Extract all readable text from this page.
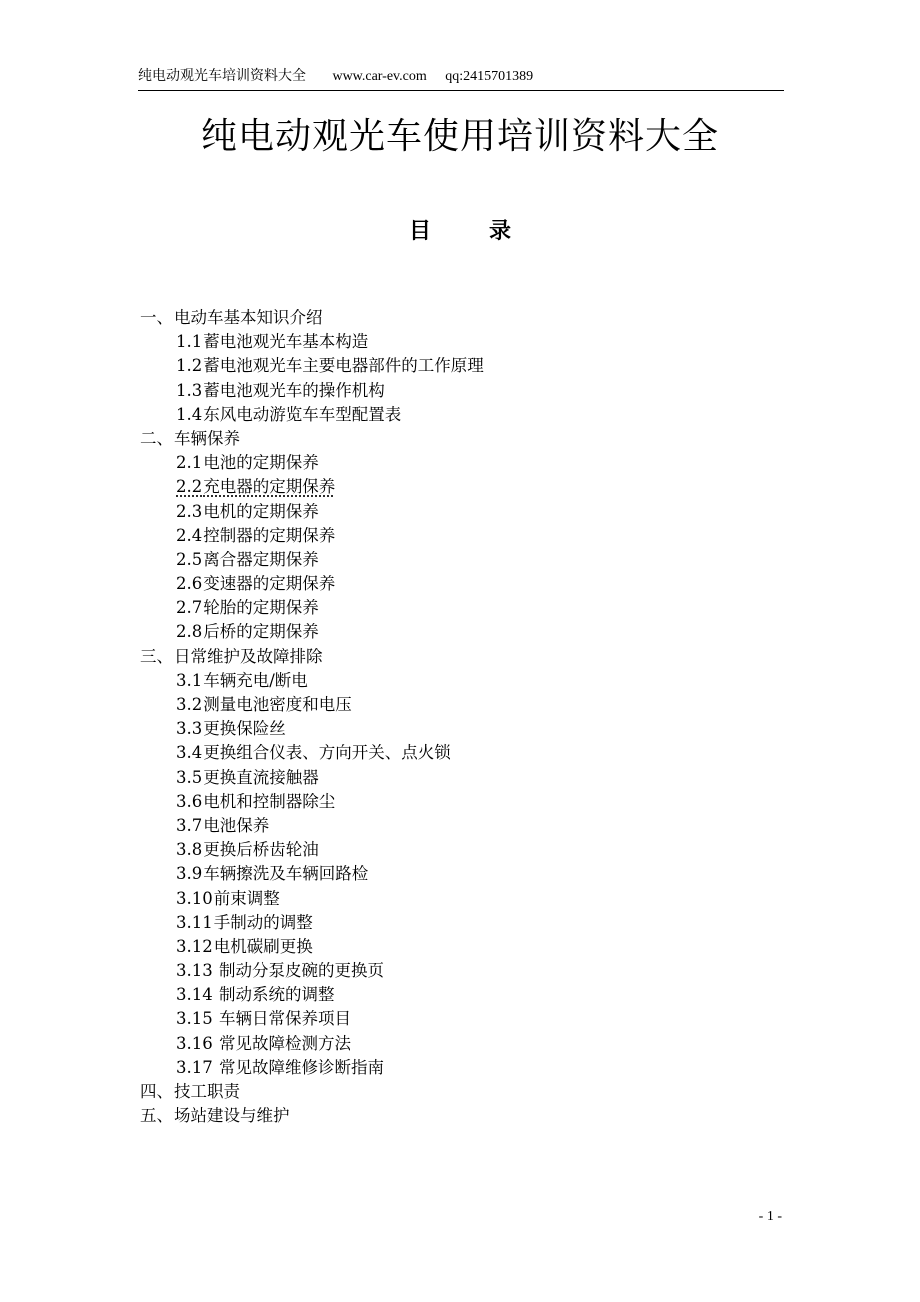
纯电动观光车培训资料大全 www.car-ev.com qq:2415701389
纯电动观光车使用培训资料大全
目录
一、电动车基本知识介绍
1.1蓄电池观光车基本构造
1.2蓄电池观光车主要电器部件的工作原理
1.3蓄电池观光车的操作机构
1.4东风电动游览车车型配置表
二、车辆保养
2.1电池的定期保养
2.2充电器的定期保养
2.3电机的定期保养
2.4控制器的定期保养
2.5离合器定期保养
2.6变速器的定期保养
2.7轮胎的定期保养
2.8后桥的定期保养
三、日常维护及故障排除
3.1车辆充电/断电
3.2测量电池密度和电压
3.3更换保险丝
3.4更换组合仪表、方向开关、点火锁
3.5更换直流接触器
3.6电机和控制器除尘
3.7电池保养
3.8更换后桥齿轮油
3.9车辆擦洗及车辆回路检
3.10前束调整
3.11手制动的调整
3.12电机碳刷更换
3.13 制动分泵皮碗的更换页
3.14 制动系统的调整
3.15 车辆日常保养项目
3.16 常见故障检测方法
3.17 常见故障维修诊断指南
四、技工职责
五、场站建设与维护
- 1 -
